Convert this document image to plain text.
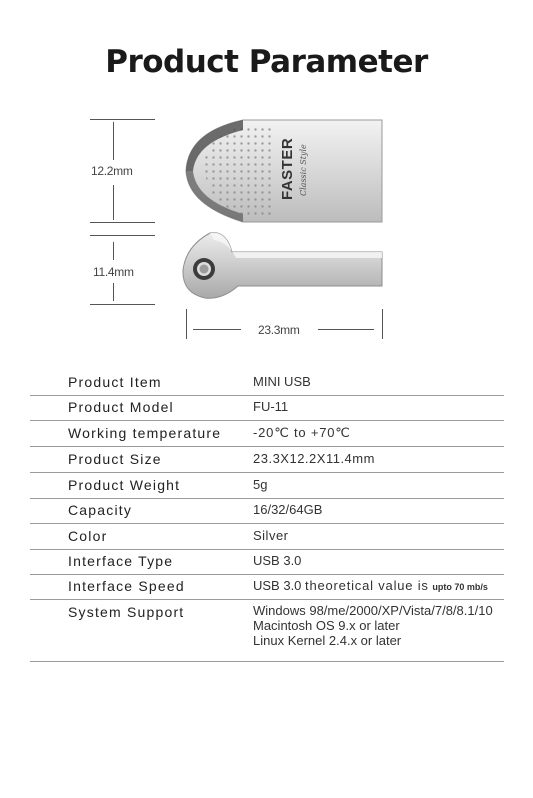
Product Parameter
12.2mm
11.4mm
23.3mm
FASTER Classic Style
Product Item	MINI USB
Product Model	FU-11
Working temperature -20℃ to +70℃
Product Size	23.3X12.2X11.4mm
Product Weight	5g
Capacity	16/32/64GB
Color	Silver
Interface Type	USB 3.0
Interface Speed	USB 3.0 theoretical value is upto 70 mb/s
System Support	Windows 98/me/2000/XP/Vista/7/8/8.1/10
Macintosh OS 9.x or later
Linux Kernel 2.4.x or later
